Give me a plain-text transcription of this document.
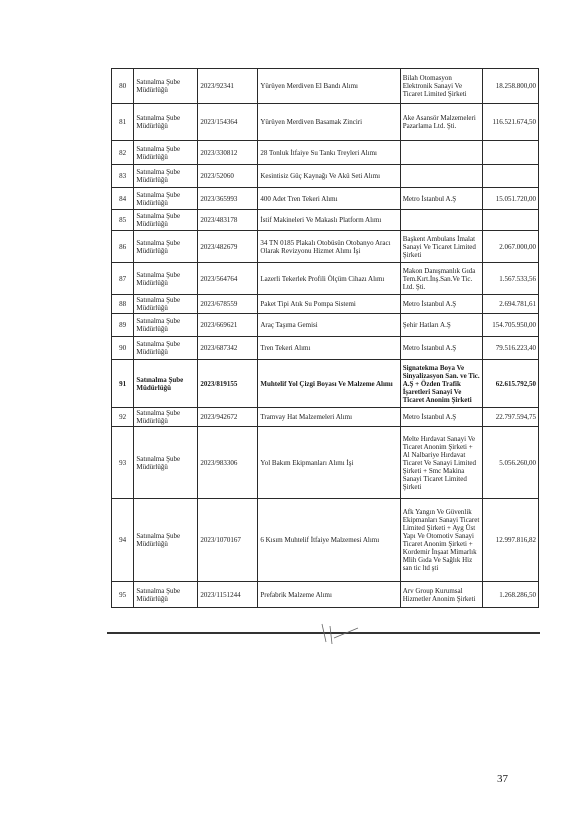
80	Satınalma Şube Müdürlüğü	2023/92341	Yürüyen Merdiven El Bandı Alımı	Bilah Otomasyon Elektronik Sanayi Ve Ticaret Limited Şirketi	18.258.800,00
81	Satınalma Şube Müdürlüğü	2023/154364	Yürüyen Merdiven Basamak Zinciri	Ake Asansör Malzemeleri Pazarlama Ltd. Şti.	116.521.674,50
82	Satınalma Şube Müdürlüğü	2023/330812	28 Tonluk İtfaiye Su Tankı Treyleri Alımı		
83	Satınalma Şube Müdürlüğü	2023/52060	Kesintisiz Güç Kaynağı Ve Akü Seti Alımı		
84	Satınalma Şube Müdürlüğü	2023/365993	400 Adet Tren Tekeri Alımı	Metro İstanbul A.Ş	15.051.720,00
85	Satınalma Şube Müdürlüğü	2023/483178	İstif Makineleri Ve Makaslı Platform Alımı		
86	Satınalma Şube Müdürlüğü	2023/482679	34 TN 0185 Plakalı Otobüsün Otobanyo Aracı Olarak Revizyonu Hizmet Alımı İşi	Başkent Ambulans İmalat Sanayi Ve Ticaret Limited Şirketi	2.067.000,00
87	Satınalma Şube Müdürlüğü	2023/564764	Lazerli Tekerlek Profili Ölçüm Cihazı Alımı	Makon Danışmanlık Gıda Tem.Kırt.İnş.San.Ve Tic. Ltd. Şti.	1.567.533,56
88	Satınalma Şube Müdürlüğü	2023/678559	Paket Tipi Atık Su Pompa Sistemi	Metro İstanbul A.Ş	2.694.781,61
89	Satınalma Şube Müdürlüğü	2023/669621	Araç Taşıma Gemisi	Şehir Hatları A.Ş	154.705.950,00
90	Satınalma Şube Müdürlüğü	2023/687342	Tren Tekeri Alımı	Metro İstanbul A.Ş	79.516.223,40
91	Satınalma Şube Müdürlüğü	2023/819155	Muhtelif Yol Çizgi Boyası Ve Malzeme Alımı	Signatekma Boya Ve Sinyalizasyon San. ve Tic. A.Ş + Özden Trafik İşaretleri Sanayi Ve Ticaret Anonim Şirketi	62.615.792,50
92	Satınalma Şube Müdürlüğü	2023/942672	Tramvay Hat Malzemeleri Alımı	Metro İstanbul A.Ş	22.797.594,75
93	Satınalma Şube Müdürlüğü	2023/983306	Yol Bakım Ekipmanları Alımı İşi	Melte Hırdavat Sanayi Ve Ticaret Anonim Şirketi + Al Nalbariye Hırdavat Ticaret Ve Sanayi Limited Şirketi + Smc Makina Sanayi Ticaret Limited Şirketi	5.056.260,00
94	Satınalma Şube Müdürlüğü	2023/1070167	6 Kısım Muhtelif İtfaiye Malzemesi Alımı	Afk Yangın Ve Güvenlik Ekipmanları Sanayi Ticaret Limited Şirketi + Ayg Üst Yapı Ve Otomotiv Sanayi Ticaret Anonim Şirketi + Kordemir İnşaat Mimarlık Mlih Gıda Ve Sağlık Hiz san tic ltd şti	12.997.816,82
95	Satınalma Şube Müdürlüğü	2023/1151244	Prefabrik Malzeme Alımı	Arv Group Kurumsal Hizmetler Anonim Şirketi	1.268.286,50
37
